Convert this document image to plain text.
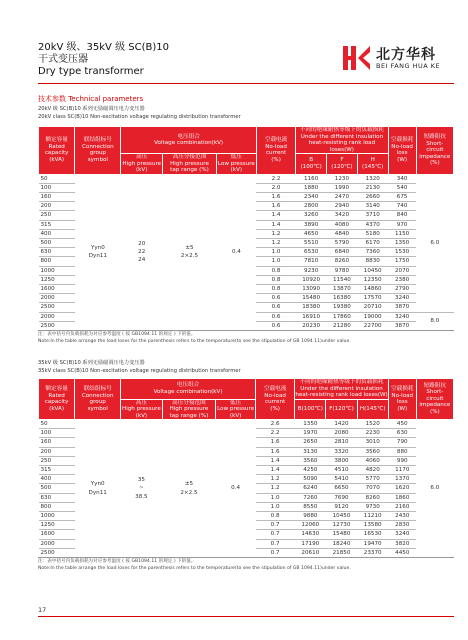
20kV 级、35kV 级 SC(B)10
干式变压器
Dry type transformer
北方华科
BEI FANG HUA KE
技术参数 Technical parameters
20kV 级 SC(B)10 系列无励磁调压电力变压器
20kV class SC(B)10 Non-excitation voltage regulating distribution transformer
额定容量
Rated
capacity
(kVA)	联结组标号
Connection
group
symbol	电压组合
Voltage combination(kV)			空载电流
No-load
current
(%)	不同的绝缘耐热等级下的负载损耗
Under the different insulation
heat-resisting rank load loses(W)			空载损耗
No-load
loss
(W)	短路阻抗
Short-
circuit
impedance
(%)
		高压
High pressure
(kV)	高压分接范围
High pressure
tap range (%)	低压
Low pressure
(kV)		B
(100℃)	F
(120℃)	H
(145℃)		
50	Yyn0
Dyn11	20
22
24	±5
2×2.5	0.4	2.2	1160	1230	1320	340	6.0
100					2.0	1880	1990	2130	540	
160					1.6	2340	2470	2660	675	
200					1.6	2800	2940	3140	740	
250					1.4	3260	3420	3710	840	
315					1.4	3890	4080	4370	970	
400					1.2	4650	4840	5180	1150	
500					1.2	5510	5790	6170	1350	
630					1.0	6530	6840	7360	1530	
800					1.0	7810	8260	8830	1750	
1000					0.8	9230	9780	10450	2070	
1250					0.8	10920	11540	12350	2380	
1600					0.8	13090	13870	14860	2790	
2000					0.6	15480	16380	17570	3240	
2500					0.6	18380	19380	20710	3870	
2000					0.6	16910	17860	19000	3240	8.0
2500					0.6	20230	21280	22700	3870	
注：表中括号内负载损耗为对应参考温度 ( 按 GB1094.11 的规定 ) 下的值。
Note:In the table arrange the load loses for the parenthesis refers to the temperature(to see the stipulation of GB 1094.11)under value.
35kV 级 SC(B)10 系列无励磁调压电力变压器
35kV class SC(B)10 Non-excitation voltage regulating distribution transformer
额定容量
Rated
capacity
(kVA)	联结组标号
Connection
group
symbol	电压组合
Voltage combination(kV)			空载电流
No-load
current
(%)	不同的绝缘耐热等级下的负载损耗
Under the different insulation
heat-resisting rank load loses(W)			空载损耗
No-load
loss
(W)	短路阻抗
Short-
circuit
impedance
(%)
		高压
High pressure
(kV)	高压分接范围
High pressure
tap range (%)	低压
Low pressure
(kV)		B(100℃)	F(120℃)	H(145℃)		
50	Yyn0
Dyn11	35
~
38.5	±5
2×2.5	0.4	2.6	1350	1420	1520	450	6.0
100					2.2	1970	2080	2230	630	
160					1.6	2650	2810	3010	790	
200					1.6	3130	3320	3560	880	
250					1.4	3560	3800	4060	990	
315					1.4	4250	4510	4820	1170	
400					1.2	5090	5410	5770	1370	
500					1.2	6240	6650	7070	1620	
630					1.0	7260	7690	8260	1860	
800					1.0	8550	9120	9730	2160	
1000					0.8	9880	10450	11210	2430	
1250					0.7	12060	12730	13580	2830	
1600					0.7	14630	15480	16530	3240	
2000					0.7	17190	18240	19470	3820	
2500					0.7	20610	21850	23370	4450	
注：表中括号内负载损耗为对应参考温度 ( 按 GB1094.11 的规定 ) 下的值。
Note:In the table arrange the load loses for the parenthesis refers to the temperature(to see the stipulation of GB 1094.11)under value.
17
